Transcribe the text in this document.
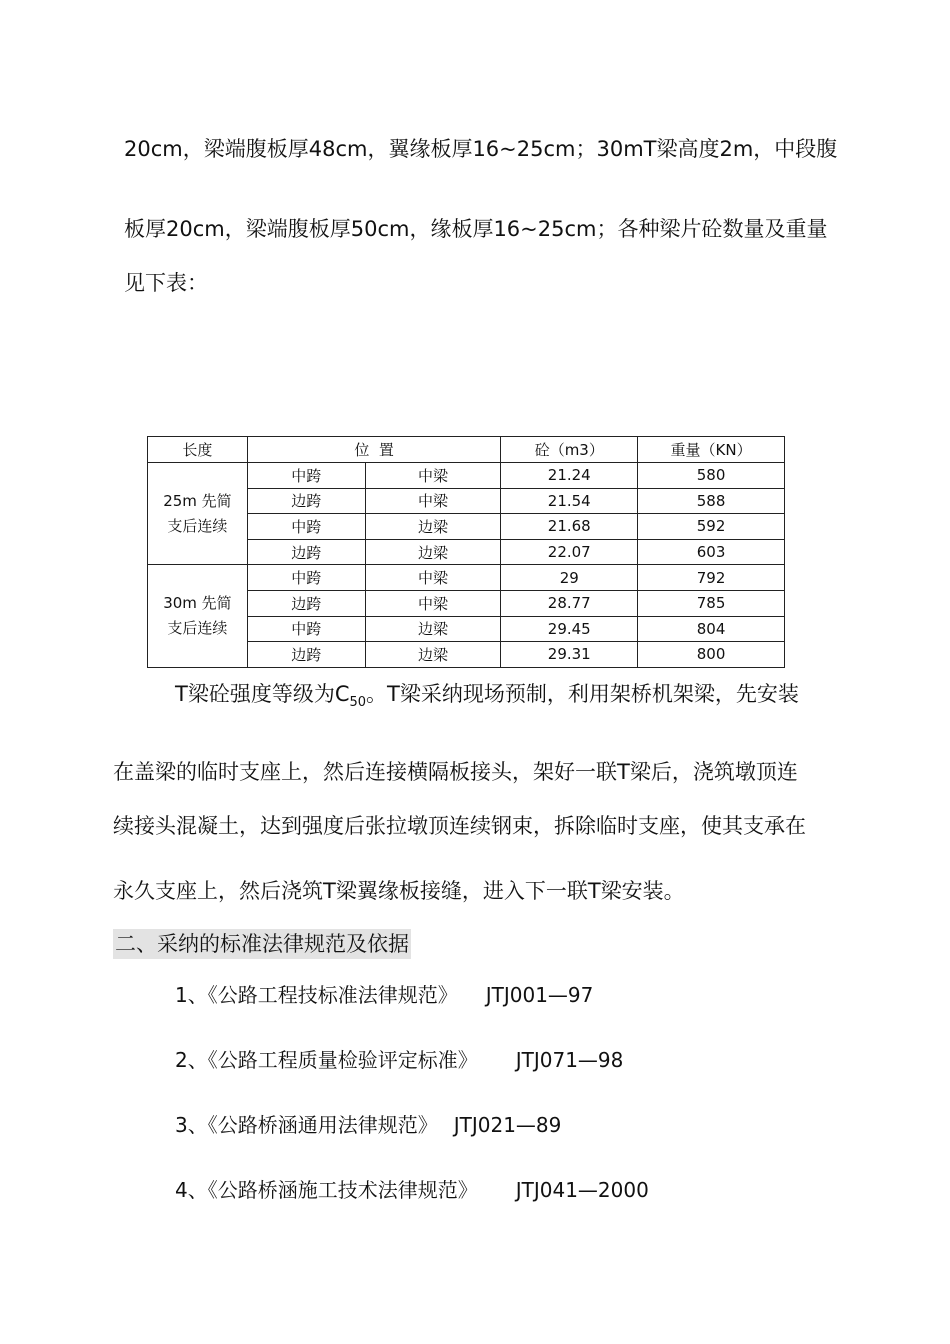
20cm，梁端腹板厚48cm，翼缘板厚16~25cm；30mT梁高度2m，中段腹
板厚20cm，梁端腹板厚50cm，缘板厚16~25cm；各种梁片砼数量及重量
见下表：
长度	位  置		砼（m3）	重量（KN）

25m 先简
支后连续	中跨	中梁	21.24	580
	边跨	中梁	21.54	588
	中跨	边梁	21.68	592
	边跨	边梁	22.07	603

30m 先简
支后连续	中跨	中梁	29	792
	边跨	中梁	28.77	785
	中跨	边梁	29.45	804
	边跨	边梁	29.31	800
T梁砼强度等级为$C_{50}$。T梁采纳现场预制，利用架桥机架梁，先安装
在盖梁的临时支座上，然后连接横隔板接头，架好一联T梁后，浇筑墩顶连
续接头混凝土，达到强度后张拉墩顶连续钢束，拆除临时支座，使其支承在
永久支座上，然后浇筑T梁翼缘板接缝，进入下一联T梁安装。
二、采纳的标准法律规范及依据
1、《公路工程技标准法律规范》 JTJ001—97
2、《公路工程质量检验评定标准》 JTJ071—98
3、《公路桥涵通用法律规范》 JTJ021—89
4、《公路桥涵施工技术法律规范》 JTJ041—2000
